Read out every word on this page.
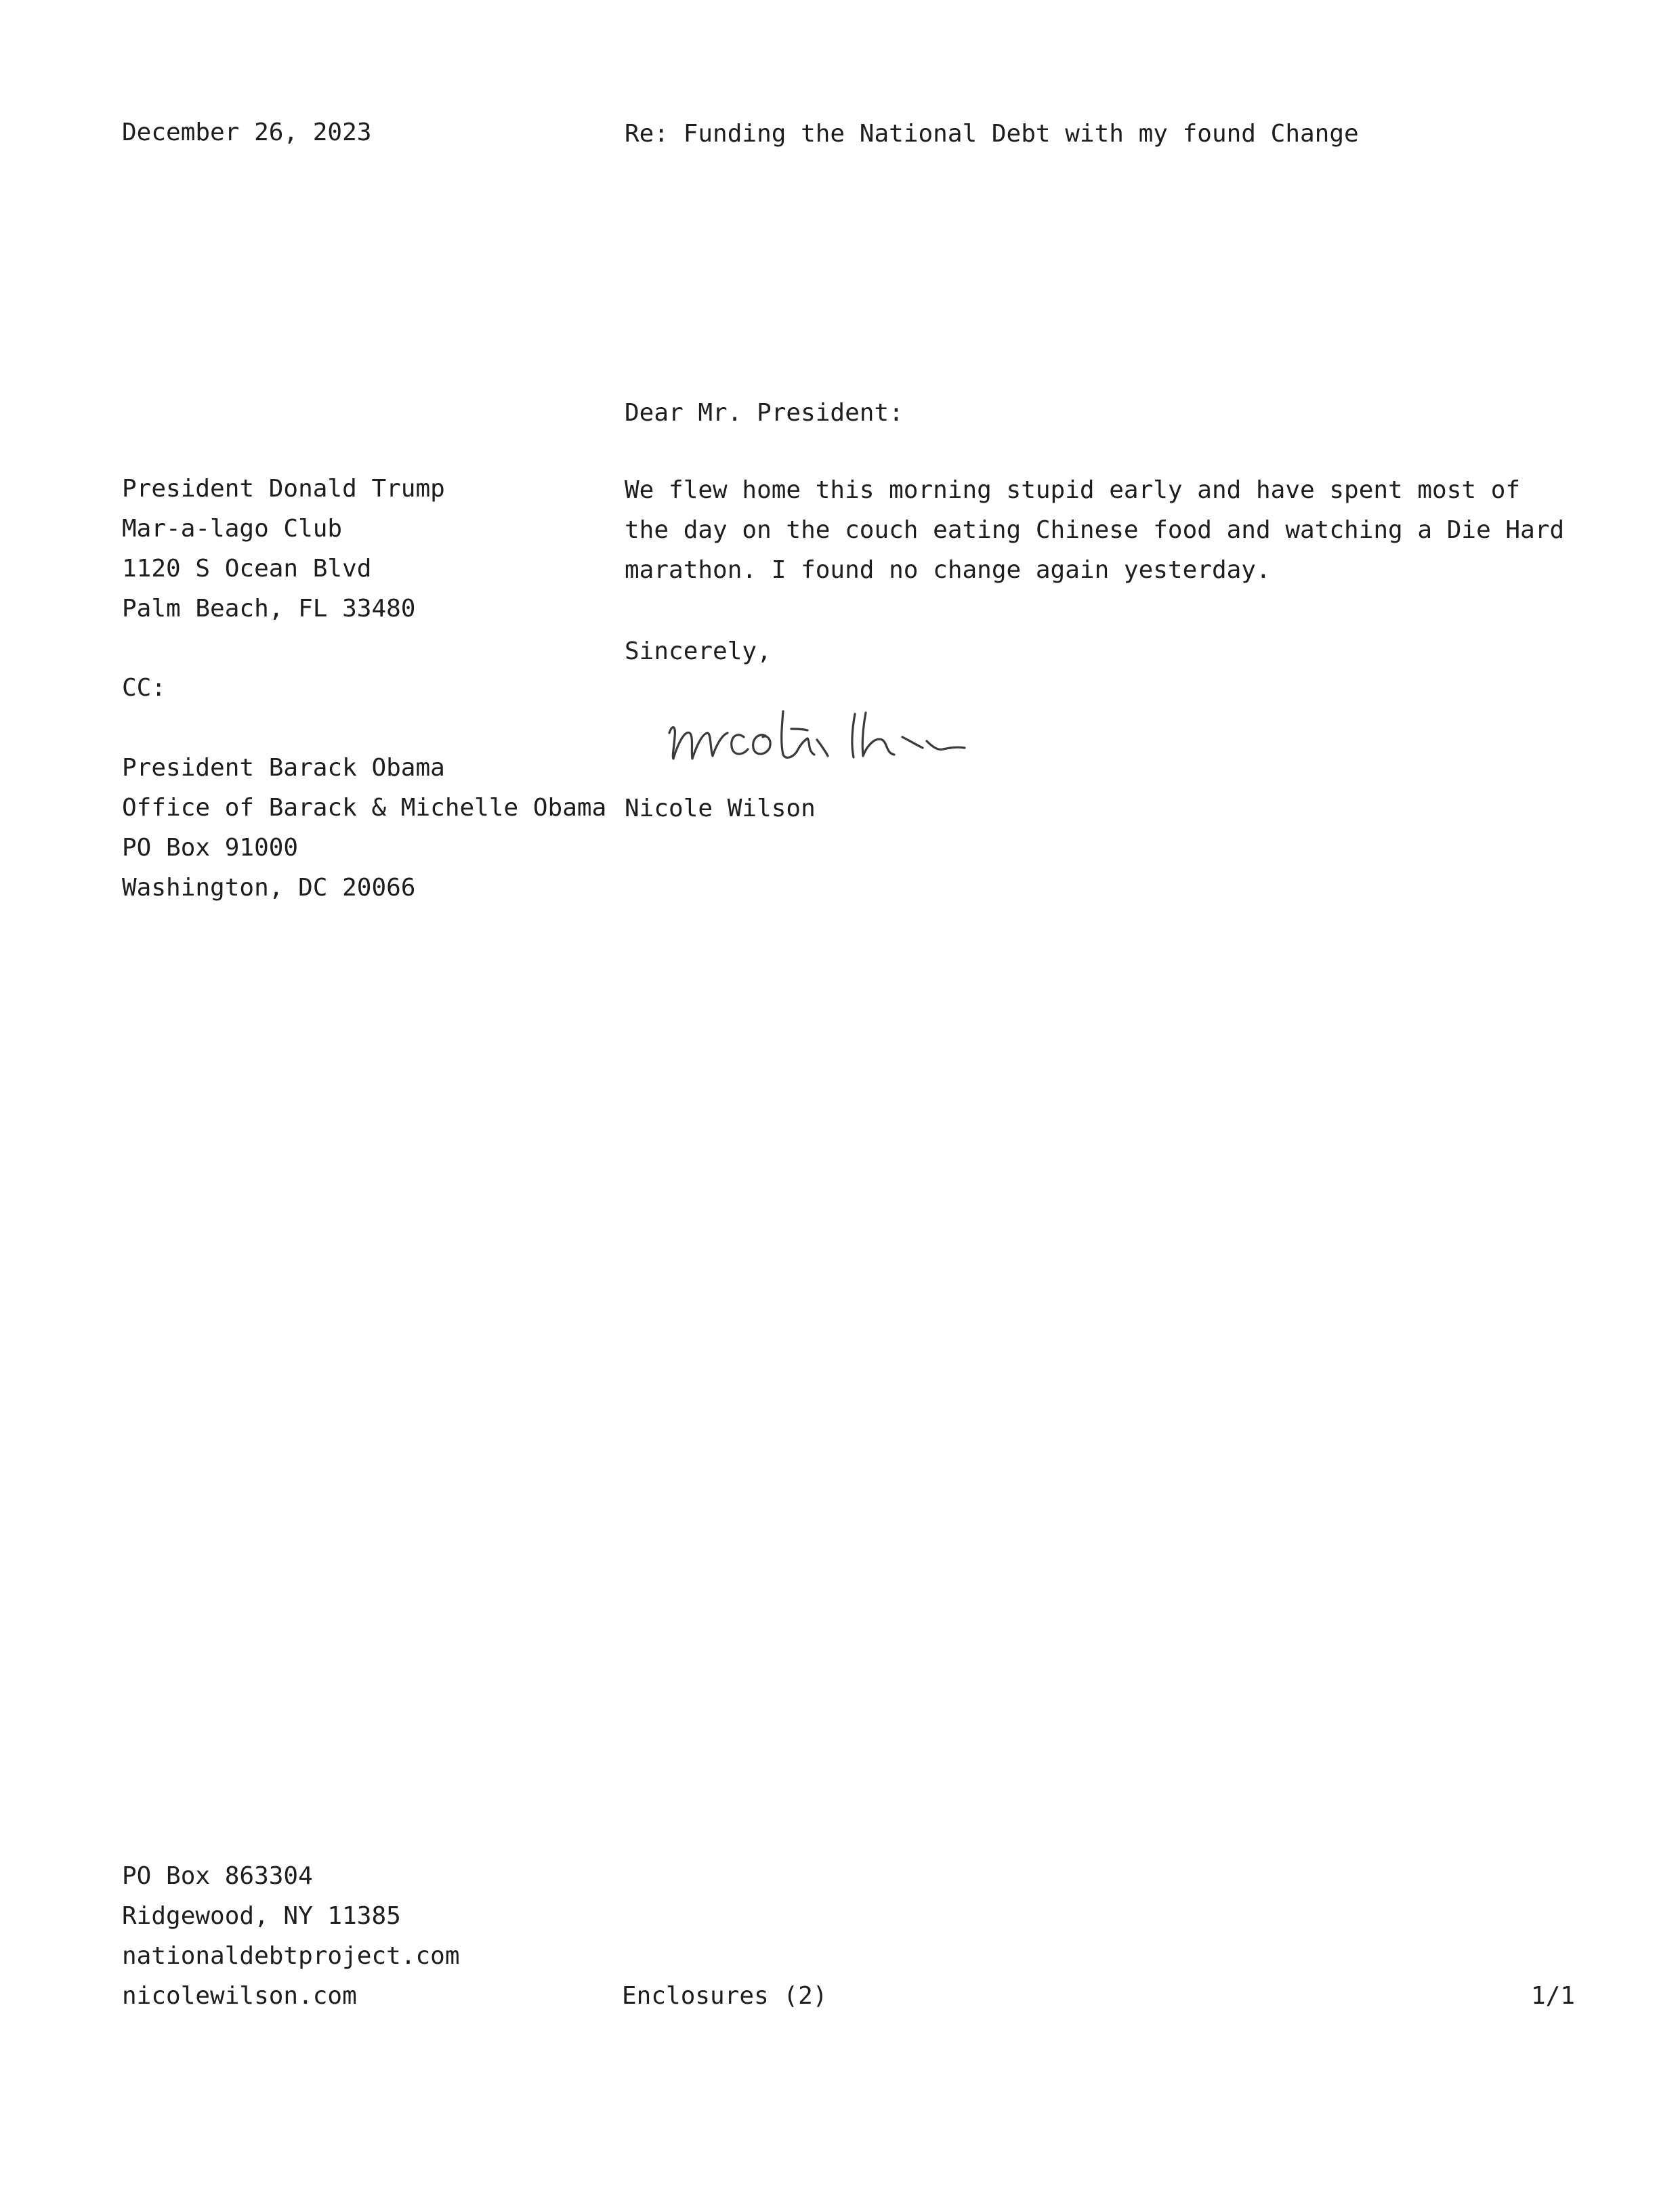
December 26, 2023	Re: Funding the National Debt with my found Change
Dear Mr. President:
President Donald Trump
Mar-a-lago Club
1120 S Ocean Blvd
Palm Beach, FL 33480
We flew home this morning stupid early and have spent most of
the day on the couch eating Chinese food and watching a Die Hard
marathon. I found no change again yesterday.
CC:
Sincerely,
Nicole Wilson
President Barack Obama
Office of Barack & Michelle Obama
PO Box 91000
Washington, DC 20066
PO Box 863304
Ridgewood, NY 11385
nationaldebtproject.com
nicolewilson.com	Enclosures (2)	1/1
